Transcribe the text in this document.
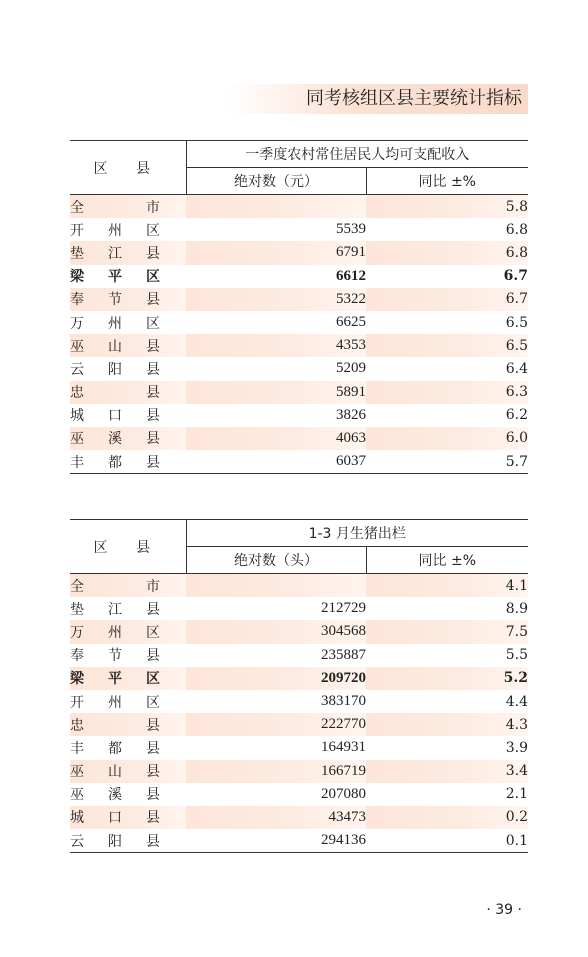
同考核组区县主要统计指标
区 县	一季度农村常住居民人均可支配收入	
	绝对数（元）	同比 ±%
全 市		5.8
开 州 区	5539	6.8
垫 江 县	6791	6.8
梁 平 区	6612	6.7
奉 节 县	5322	6.7
万 州 区	6625	6.5
巫 山 县	4353	6.5
云 阳 县	5209	6.4
忠 县	5891	6.3
城 口 县	3826	6.2
巫 溪 县	4063	6.0
丰 都 县	6037	5.7
区 县	1-3 月生猪出栏	
	绝对数（头）	同比 ±%
全 市		4.1
垫 江 县	212729	8.9
万 州 区	304568	7.5
奉 节 县	235887	5.5
梁 平 区	209720	5.2
开 州 区	383170	4.4
忠 县	222770	4.3
丰 都 县	164931	3.9
巫 山 县	166719	3.4
巫 溪 县	207080	2.1
城 口 县	43473	0.2
云 阳 县	294136	0.1
· 39 ·
